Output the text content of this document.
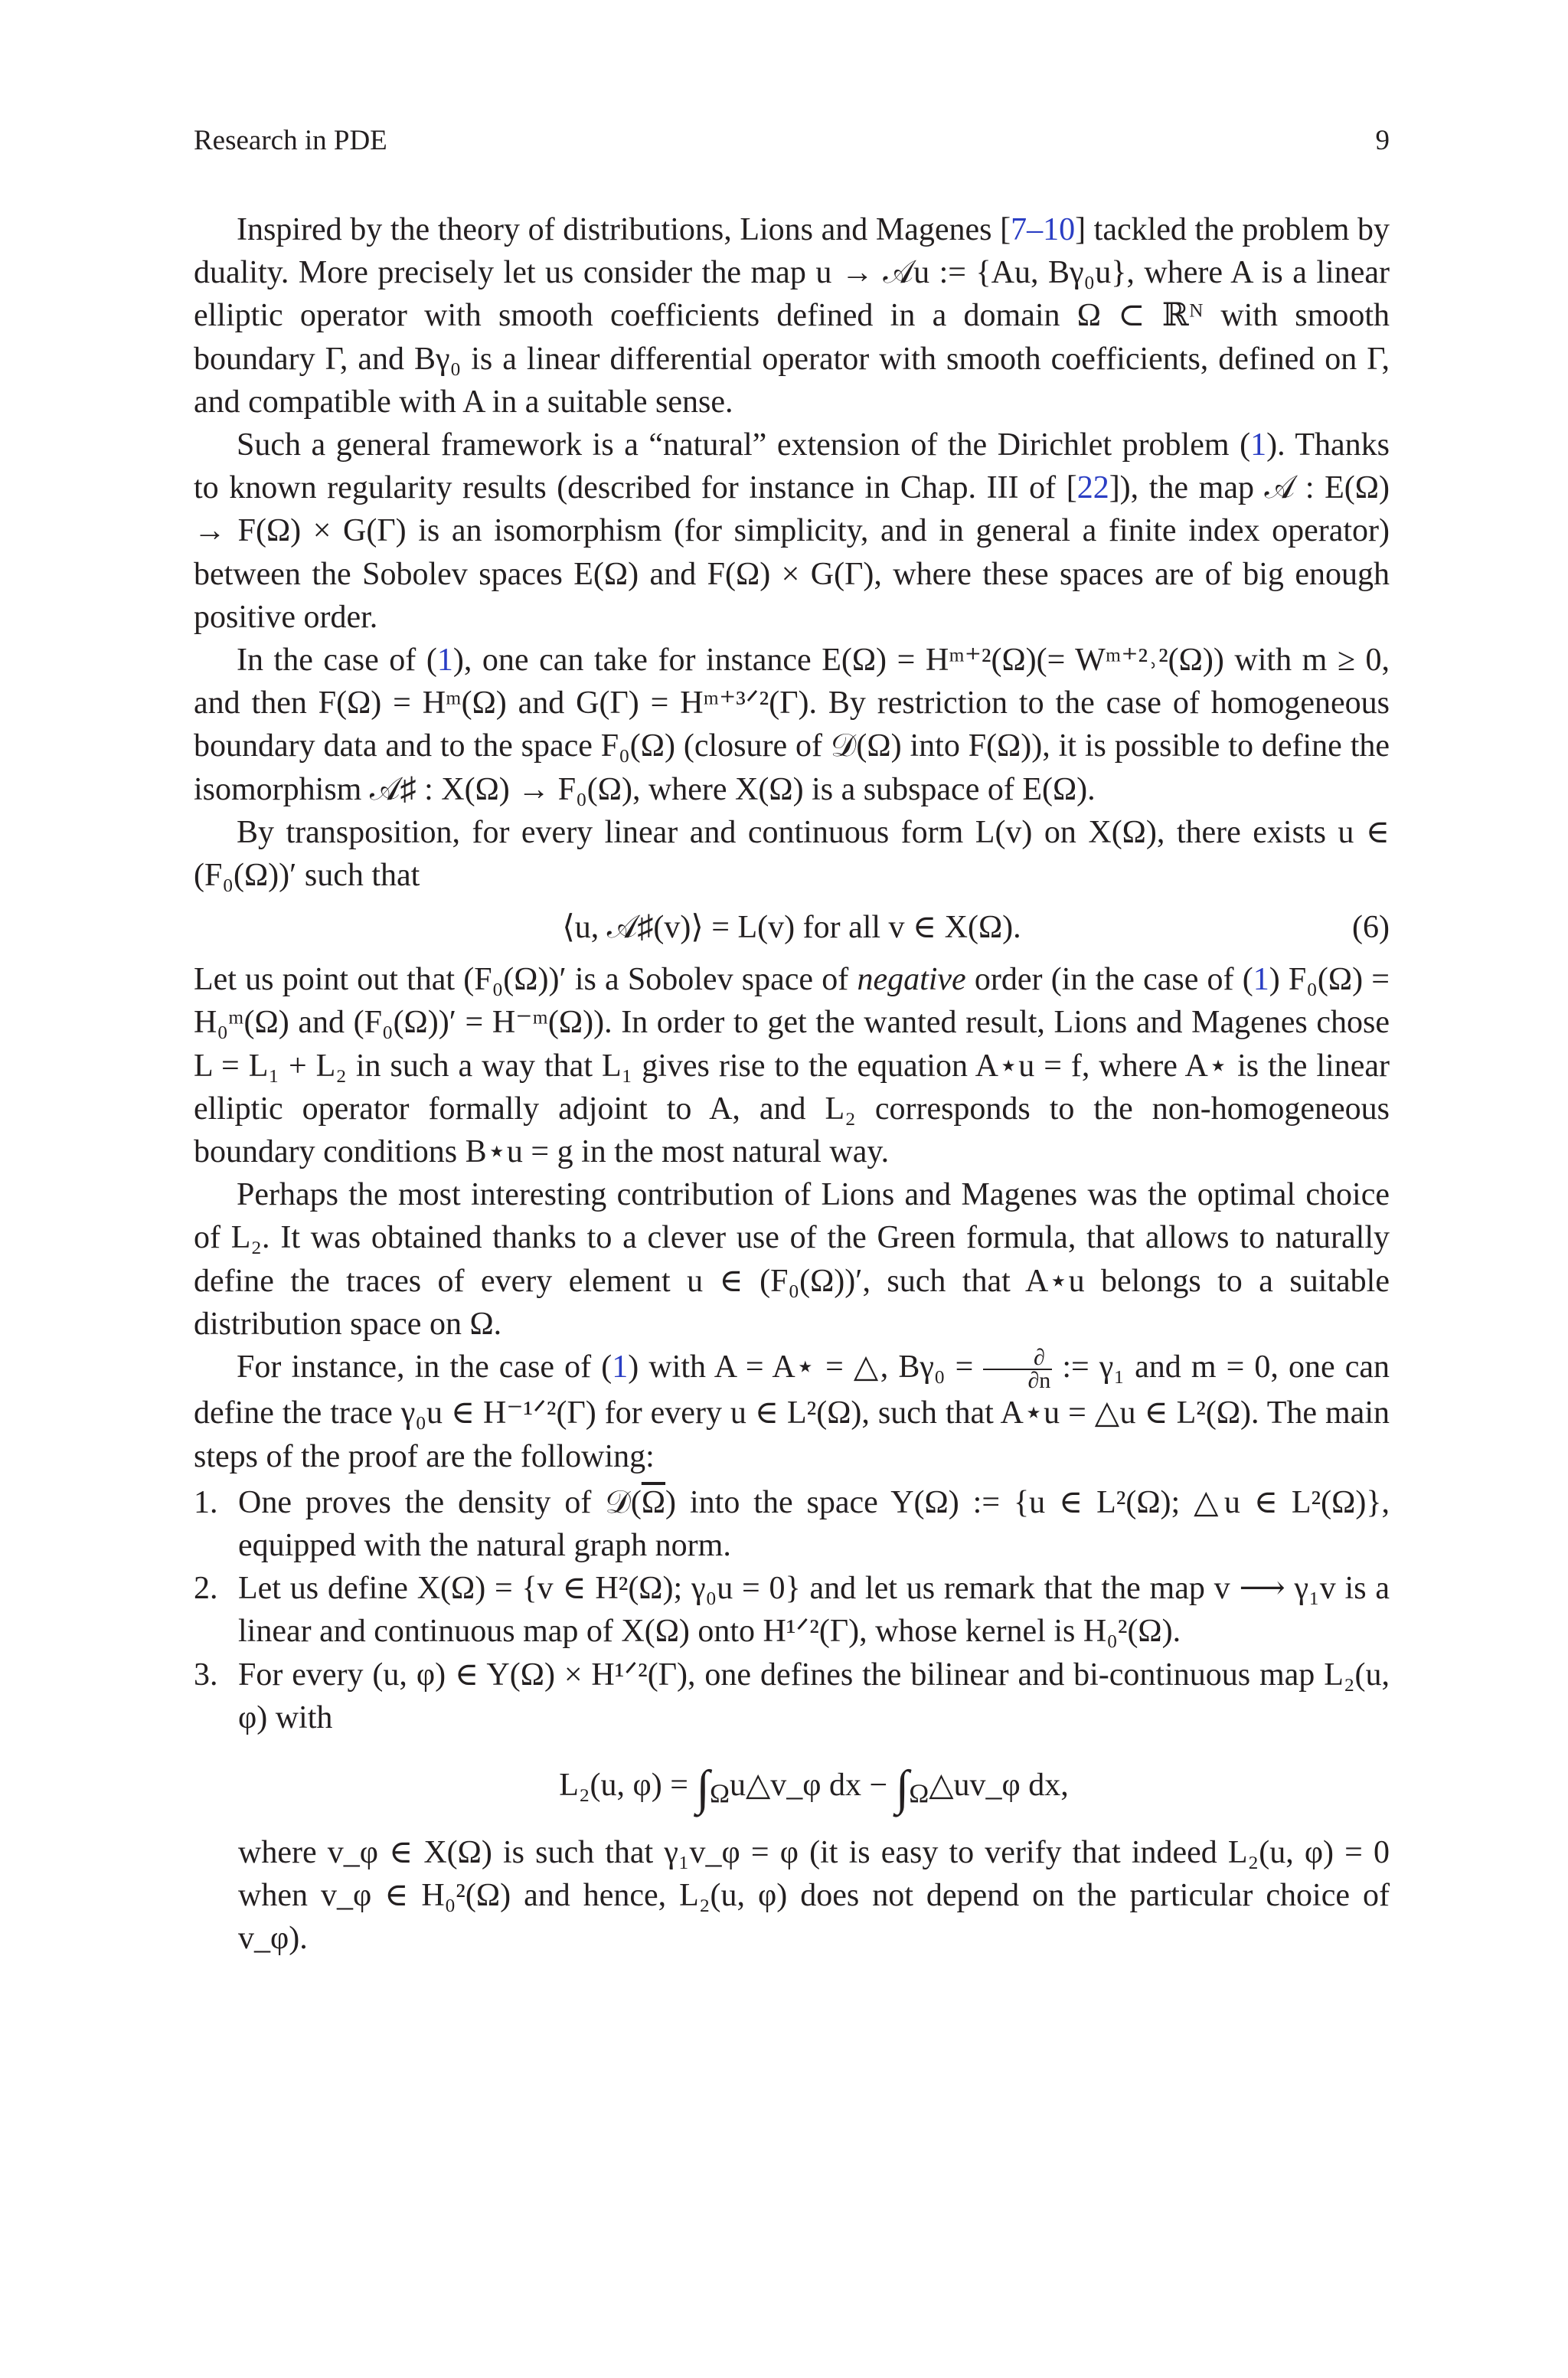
Research in PDE	9

Inspired by the theory of distributions, Lions and Magenes [7–10] tackled the problem by duality. More precisely let us consider the map u → 𝒜u := {Au, Bγ₀u}, where A is a linear elliptic operator with smooth coefficients defined in a domain Ω ⊂ ℝᴺ with smooth boundary Γ, and Bγ₀ is a linear differential operator with smooth coefficients, defined on Γ, and compatible with A in a suitable sense.

Such a general framework is a “natural” extension of the Dirichlet problem (1). Thanks to known regularity results (described for instance in Chap. III of [22]), the map 𝒜 : E(Ω) → F(Ω) × G(Γ) is an isomorphism (for simplicity, and in general a finite index operator) between the Sobolev spaces E(Ω) and F(Ω) × G(Γ), where these spaces are of big enough positive order.

In the case of (1), one can take for instance E(Ω) = Hᵐ⁺²(Ω)(= Wᵐ⁺²˒²(Ω)) with m ≥ 0, and then F(Ω) = Hᵐ(Ω) and G(Γ) = Hᵐ⁺³ᐟ²(Γ). By restriction to the case of homogeneous boundary data and to the space F₀(Ω) (closure of 𝒟(Ω) into F(Ω)), it is possible to define the isomorphism 𝒜♯ : X(Ω) → F₀(Ω), where X(Ω) is a subspace of E(Ω).

By transposition, for every linear and continuous form L(v) on X(Ω), there exists u ∈ (F₀(Ω))′ such that

⟨u, 𝒜♯(v)⟩ = L(v) for all v ∈ X(Ω).	(6)

Let us point out that (F₀(Ω))′ is a Sobolev space of negative order (in the case of (1) F₀(Ω) = H₀ᵐ(Ω) and (F₀(Ω))′ = H⁻ᵐ(Ω)). In order to get the wanted result, Lions and Magenes chose L = L₁ + L₂ in such a way that L₁ gives rise to the equation A⋆u = f, where A⋆ is the linear elliptic operator formally adjoint to A, and L₂ corresponds to the non-homogeneous boundary conditions B⋆u = g in the most natural way.

Perhaps the most interesting contribution of Lions and Magenes was the optimal choice of L₂. It was obtained thanks to a clever use of the Green formula, that allows to naturally define the traces of every element u ∈ (F₀(Ω))′, such that A⋆u belongs to a suitable distribution space on Ω.

For instance, in the case of (1) with A = A⋆ = △, $B\gamma_0 = \frac{\partial}{\partial n}$ := γ₁ and m = 0, one can define the trace γ₀u ∈ H⁻¹ᐟ²(Γ) for every u ∈ L²(Ω), such that A⋆u = △u ∈ L²(Ω). The main steps of the proof are the following:

1. One proves the density of $𝒟(\overline{\Omega})$ into the space Y(Ω) := {u ∈ L²(Ω); △u ∈ L²(Ω)}, equipped with the natural graph norm.
2. Let us define X(Ω) = {v ∈ H²(Ω); γ₀u = 0} and let us remark that the map v ⟶ γ₁v is a linear and continuous map of X(Ω) onto H¹ᐟ²(Γ), whose kernel is H₀²(Ω).
3. For every (u, φ) ∈ Y(Ω) × H¹ᐟ²(Γ), one defines the bilinear and bi-continuous map L₂(u, φ) with
L₂(u, $\varphi) = \int_\Omega u\triangle v\_\varphi$ dx − $\int_\Omega\triangle uv\_\varphi$ dx,
where v_φ ∈ X(Ω) is such that γ₁v_φ = φ (it is easy to verify that indeed L₂(u, φ) = 0 when v_φ ∈ H₀²(Ω) and hence, L₂(u, φ) does not depend on the particular choice of v_φ).
